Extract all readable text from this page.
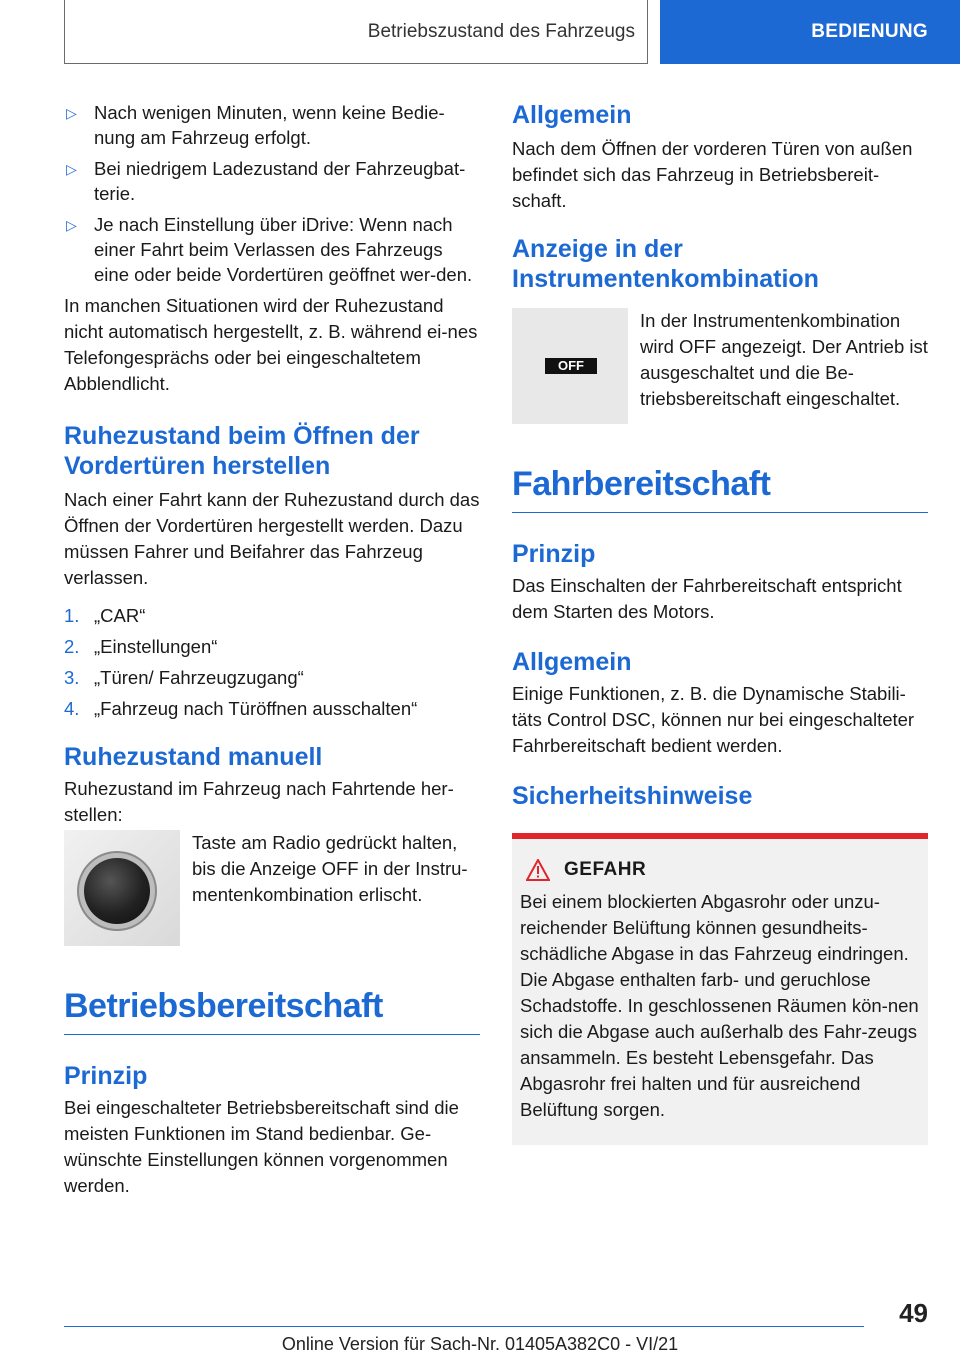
Betriebszustand des Fahrzeugs	BEDIENUNG
▷ Nach wenigen Minuten, wenn keine Bedie-nung am Fahrzeug erfolgt.
▷ Bei niedrigem Ladezustand der Fahrzeugbat-terie.
▷ Je nach Einstellung über iDrive: Wenn nach einer Fahrt beim Verlassen des Fahrzeugs eine oder beide Vordertüren geöffnet wer-den.

In manchen Situationen wird der Ruhezustand nicht automatisch hergestellt, z. B. während ei-nes Telefongesprächs oder bei eingeschaltetem Abblendlicht.

Ruhezustand beim Öffnen der Vordertüren herstellen

Nach einer Fahrt kann der Ruhezustand durch das Öffnen der Vordertüren hergestellt werden. Dazu müssen Fahrer und Beifahrer das Fahrzeug verlassen.

1. „CAR“
2. „Einstellungen“
3. „Türen/ Fahrzeugzugang“
4. „Fahrzeug nach Türöffnen ausschalten“
Ruhezustand manuell

Ruhezustand im Fahrzeug nach Fahrtende her-stellen:

Taste am Radio gedrückt halten, bis die Anzeige OFF in der Instru-mentenkombination erlischt.

Betriebsbereitschaft
Prinzip

Bei eingeschalteter Betriebsbereitschaft sind die meisten Funktionen im Stand bedienbar. Ge-wünschte Einstellungen können vorgenommen werden.

Allgemein

Nach dem Öffnen der vorderen Türen von außen befindet sich das Fahrzeug in Betriebsbereit-schaft.

Anzeige in der Instrumentenkombination
OFF

In der Instrumentenkombination wird OFF angezeigt. Der Antrieb ist ausgeschaltet und die Be-triebsbereitschaft eingeschaltet.

Fahrbereitschaft
Prinzip

Das Einschalten der Fahrbereitschaft entspricht dem Starten des Motors.

Allgemein

Einige Funktionen, z. B. die Dynamische Stabili-täts Control DSC, können nur bei eingeschalteter Fahrbereitschaft bedient werden.

Sicherheitshinweise
GEFAHR

Bei einem blockierten Abgasrohr oder unzu-reichender Belüftung können gesundheits-schädliche Abgase in das Fahrzeug eindringen. Die Abgase enthalten farb- und geruchlose Schadstoffe. In geschlossenen Räumen kön-nen sich die Abgase auch außerhalb des Fahr-zeugs ansammeln. Es besteht Lebensgefahr. Das Abgasrohr frei halten und für ausreichend Belüftung sorgen.

49
Online Version für Sach-Nr. 01405A382C0 - VI/21
